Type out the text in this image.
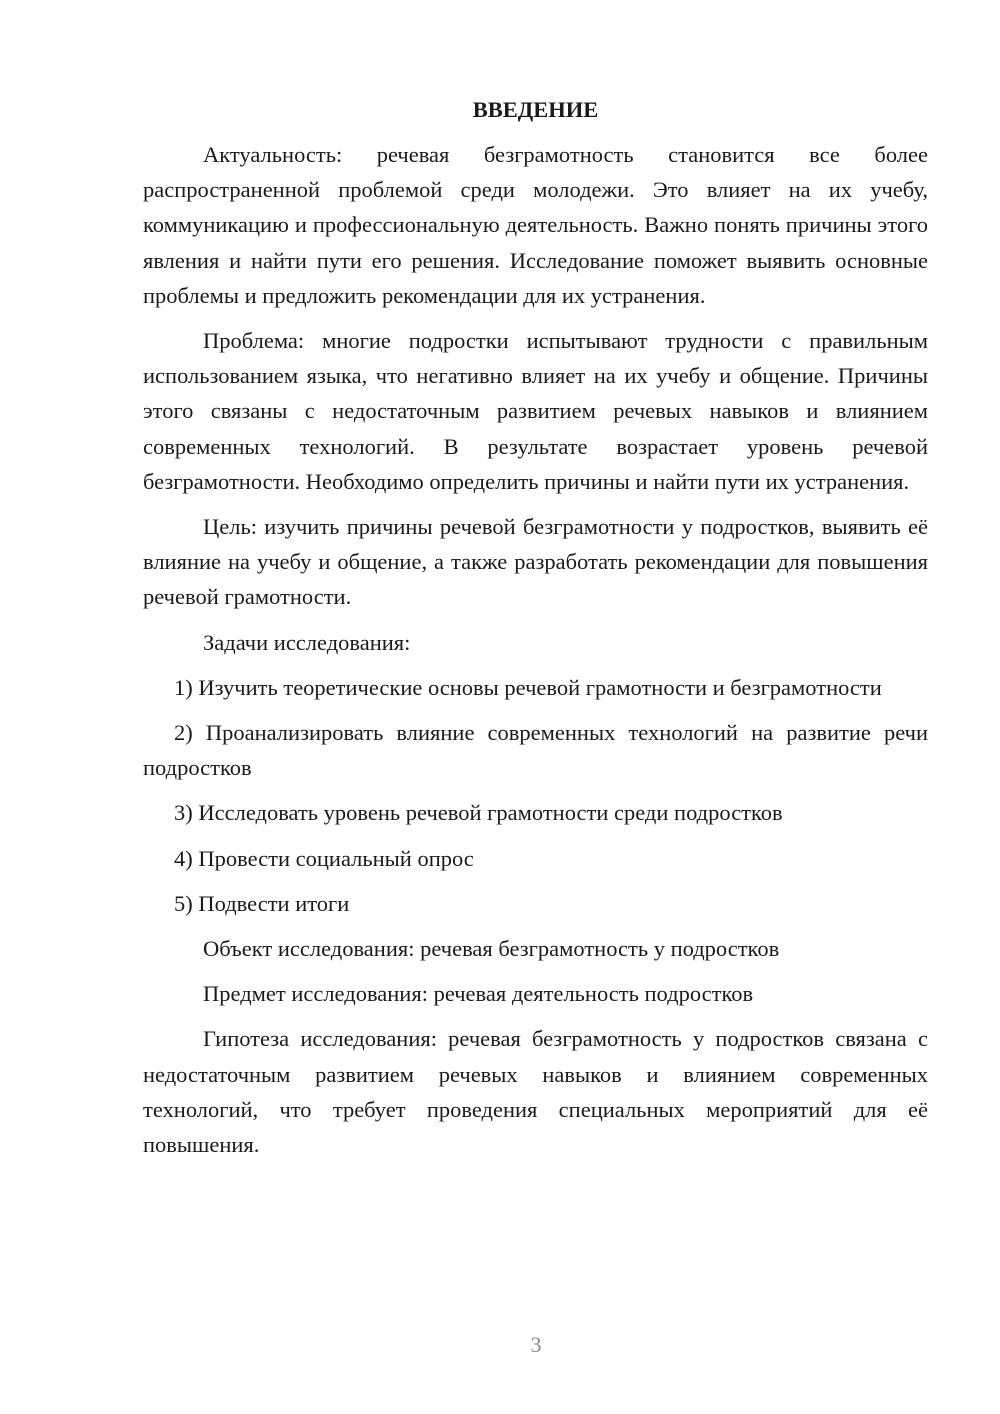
ВВЕДЕНИЕ

Актуальность: речевая безграмотность становится все более распространенной проблемой среди молодежи. Это влияет на их учебу, коммуникацию и профессиональную деятельность. Важно понять причины этого явления и найти пути его решения. Исследование поможет выявить основные проблемы и предложить рекомендации для их устранения.

Проблема: многие подростки испытывают трудности с правильным использованием языка, что негативно влияет на их учебу и общение. Причины этого связаны с недостаточным развитием речевых навыков и влиянием современных технологий. В результате возрастает уровень речевой безграмотности. Необходимо определить причины и найти пути их устранения.

Цель: изучить причины речевой безграмотности у подростков, выявить её влияние на учебу и общение, а также разработать рекомендации для повышения речевой грамотности.

Задачи исследования:

1) Изучить теоретические основы речевой грамотности и безграмотности

2) Проанализировать влияние современных технологий на развитие речи подростков

3) Исследовать уровень речевой грамотности среди подростков

4) Провести социальный опрос

5) Подвести итоги

Объект исследования: речевая безграмотность у подростков

Предмет исследования: речевая деятельность подростков

Гипотеза исследования: речевая безграмотность у подростков связана с недостаточным развитием речевых навыков и влиянием современных технологий, что требует проведения специальных мероприятий для её повышения.

3
